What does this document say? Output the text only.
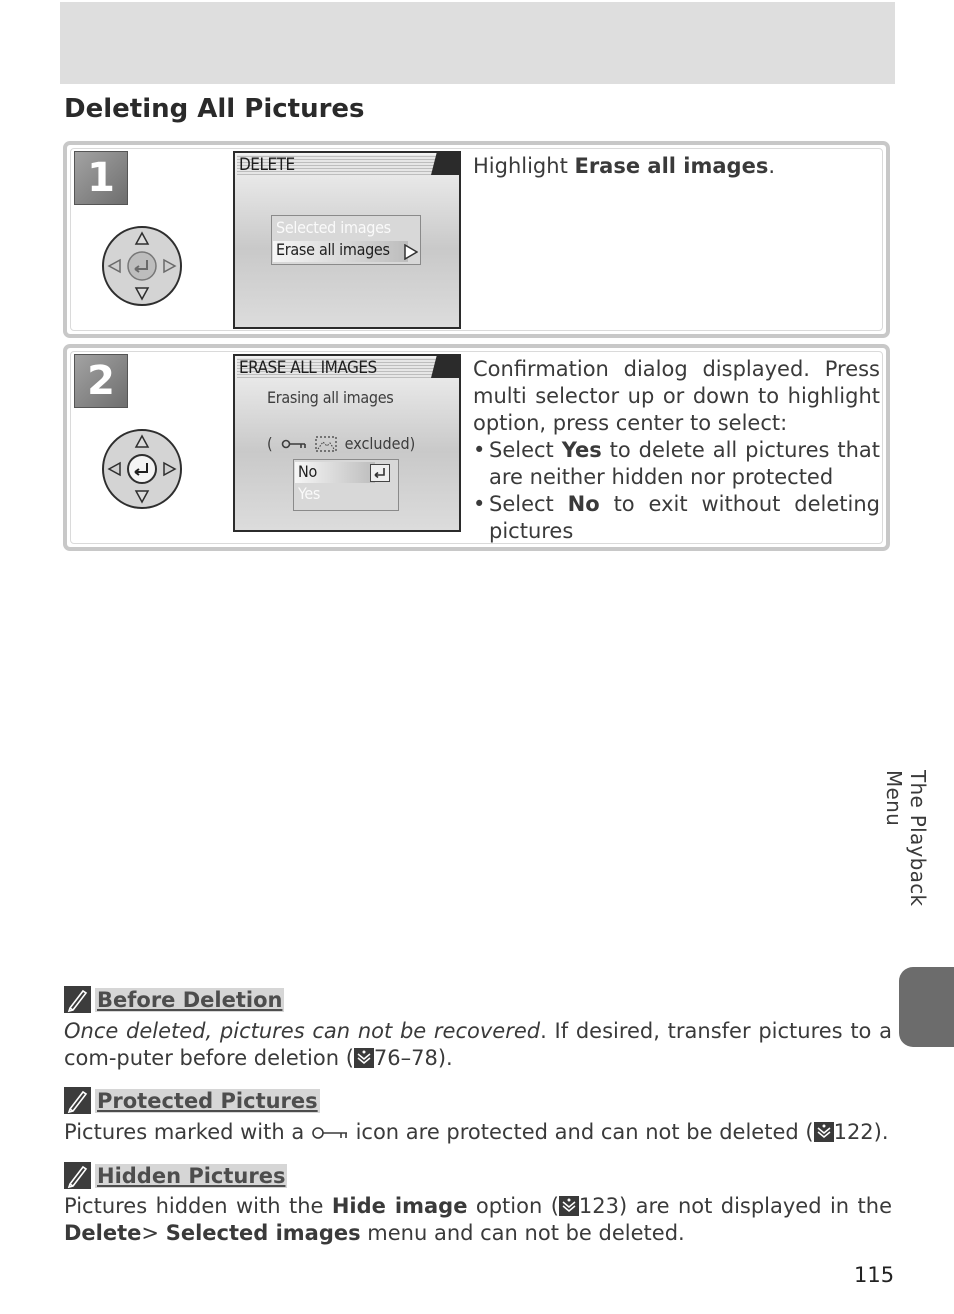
Deleting All Pictures
1	DELETE
Selected images
Erase all images

Highlight Erase all images.

2	ERASE ALL IMAGES
Erasing all images
(	excluded)
No
Yes

Confirmation dialog displayed. Press multi selector up or down to highlight option, press center to select:

• Select Yes to delete all pictures that are neither hidden nor protected
• Select No to exit without deleting pictures
The Playback Menu
Before Deletion
Once deleted, pictures can not be recovered. If desired, transfer pictures to a com-puter before deletion ( 76–78).
Protected Pictures
Pictures marked with a  icon are protected and can not be deleted ( 122).
Hidden Pictures
Pictures hidden with the Hide image option ( 123) are not displayed in the Delete> Selected images menu and can not be deleted.
115
